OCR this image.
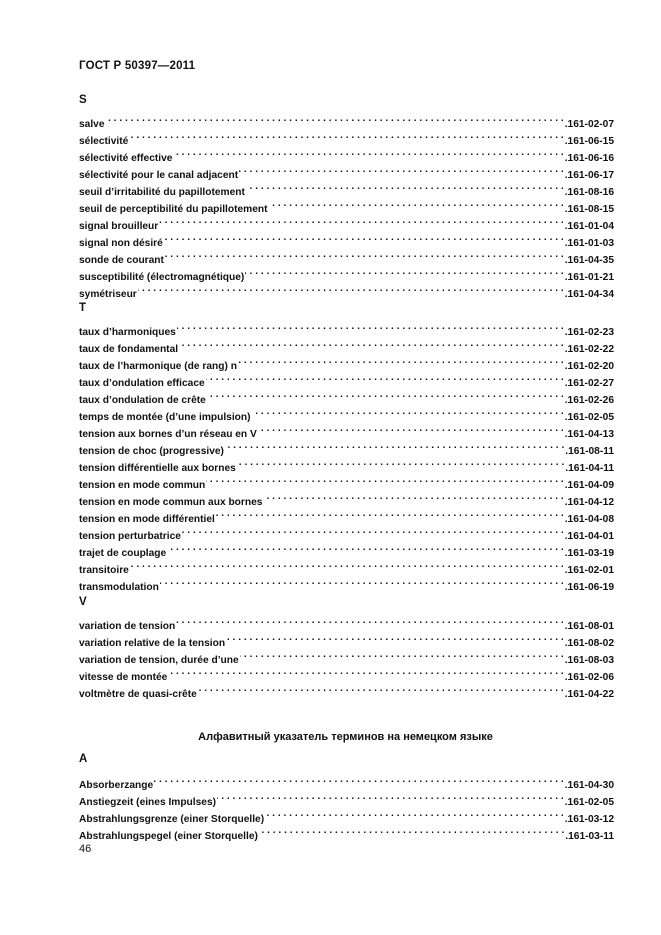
ГОСТ Р 50397—2011
S
salve . . .	.161-02-07
sélectivité . . .	.161-06-15
sélectivité effective . . .	.161-06-16
sélectivité pour le canal adjacent . . .	.161-06-17
seuil d’irritabilité du papillotement . . .	.161-08-16
seuil de perceptibilité du papillotement . . .	.161-08-15
signal brouilleur . . .	.161-01-04
signal non désiré . . .	.161-01-03
sonde de courant . . .	.161-04-35
susceptibilité (électromagnétique) . . .	.161-01-21
symétriseur . . .	.161-04-34
T
taux d’harmoniques . . .	.161-02-23
taux de fondamental . . .	.161-02-22
taux de l’harmonique (de rang) n . . .	.161-02-20
taux d’ondulation efficace . . .	.161-02-27
taux d’ondulation de crête . . .	.161-02-26
temps de montée (d’une impulsion) . . .	.161-02-05
tension aux bornes d’un réseau en V . . .	.161-04-13
tension de choc (progressive) . . .	.161-08-11
tension différentielle aux bornes . . .	.161-04-11
tension en mode commun . . .	.161-04-09
tension en mode commun aux bornes . . .	.161-04-12
tension en mode différentiel . . .	.161-04-08
tension perturbatrice . . .	.161-04-01
trajet de couplage . . .	.161-03-19
transitoire . . .	.161-02-01
transmodulation . . .	.161-06-19
V
variation de tension . . .	.161-08-01
variation relative de la tension . . .	.161-08-02
variation de tension, durée d’une . . .	.161-08-03
vitesse de montée . . .	.161-02-06
voltmètre de quasi-crête . . .	.161-04-22
Алфавитный указатель терминов на немецком языке
A
Absorberzange . . .	.161-04-30
Anstiegzeit (eines Impulses) . . .	.161-02-05
Abstrahlungsgrenze (einer Storquelle) . . .	.161-03-12
Abstrahlungspegel (einer Storquelle) . . .	.161-03-11
46
